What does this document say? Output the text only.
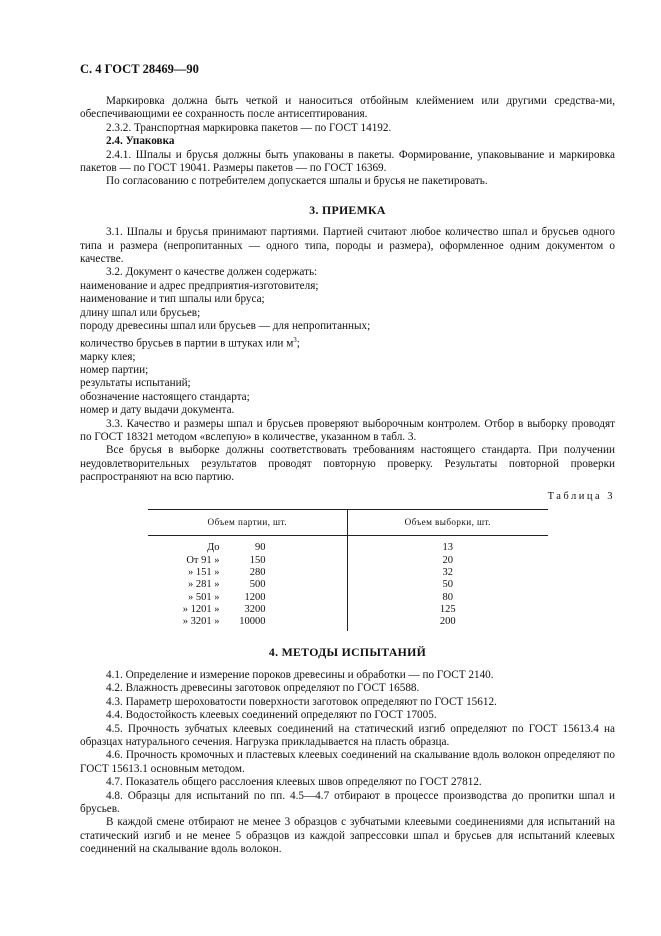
С. 4 ГОСТ 28469—90

Маркировка должна быть четкой и наноситься отбойным клеймением или другими средства-ми, обеспечивающими ее сохранность после антисептирования.

2.3.2. Транспортная маркировка пакетов — по ГОСТ 14192.

2.4. Упаковка

2.4.1. Шпалы и брусья должны быть упакованы в пакеты. Формирование, упаковывание и маркировка пакетов — по ГОСТ 19041. Размеры пакетов — по ГОСТ 16369.

По согласованию с потребителем допускается шпалы и брусья не пакетировать.

3. ПРИЕМКА

3.1. Шпалы и брусья принимают партиями. Партией считают любое количество шпал и брусьев одного типа и размера (непропитанных — одного типа, породы и размера), оформленное одним документом о качестве.

3.2. Документ о качестве должен содержать:

наименование и адрес предприятия-изготовителя;

наименование и тип шпалы или бруса;

длину шпал или брусьев;

породу древесины шпал или брусьев — для непропитанных;

количество брусьев в партии в штуках или $м^3$;

марку клея;

номер партии;

результаты испытаний;

обозначение настоящего стандарта;

номер и дату выдачи документа.

3.3. Качество и размеры шпал и брусьев проверяют выборочным контролем. Отбор в выборку проводят по ГОСТ 18321 методом «вслепую» в количестве, указанном в табл. 3.

Все брусья в выборке должны соответствовать требованиям настоящего стандарта. При получении неудовлетворительных результатов проводят повторную проверку. Результаты повторной проверки распространяют на всю партию.

Таблица 3
Объем партии, шт.	Объем выборки, шт.
До 90	13
От 91 » 150	20
» 151 » 280	32
» 281 » 500	50
» 501 » 1200	80
» 1201 » 3200	125
» 3201 » 10000	200
4. МЕТОДЫ ИСПЫТАНИЙ

4.1. Определение и измерение пороков древесины и обработки — по ГОСТ 2140.

4.2. Влажность древесины заготовок определяют по ГОСТ 16588.

4.3. Параметр шероховатости поверхности заготовок определяют по ГОСТ 15612.

4.4. Водостойкость клеевых соединений определяют по ГОСТ 17005.

4.5. Прочность зубчатых клеевых соединений на статический изгиб определяют по ГОСТ 15613.4 на образцах натурального сечения. Нагрузка прикладывается на пласть образца.

4.6. Прочность кромочных и пластевых клеевых соединений на скалывание вдоль волокон определяют по ГОСТ 15613.1 основным методом.

4.7. Показатель общего расслоения клеевых швов определяют по ГОСТ 27812.

4.8. Образцы для испытаний по пп. 4.5—4.7 отбирают в процессе производства до пропитки шпал и брусьев.

В каждой смене отбирают не менее 3 образцов с зубчатыми клеевыми соединениями для испытаний на статический изгиб и не менее 5 образцов из каждой запрессовки шпал и брусьев для испытаний клеевых соединений на скалывание вдоль волокон.
